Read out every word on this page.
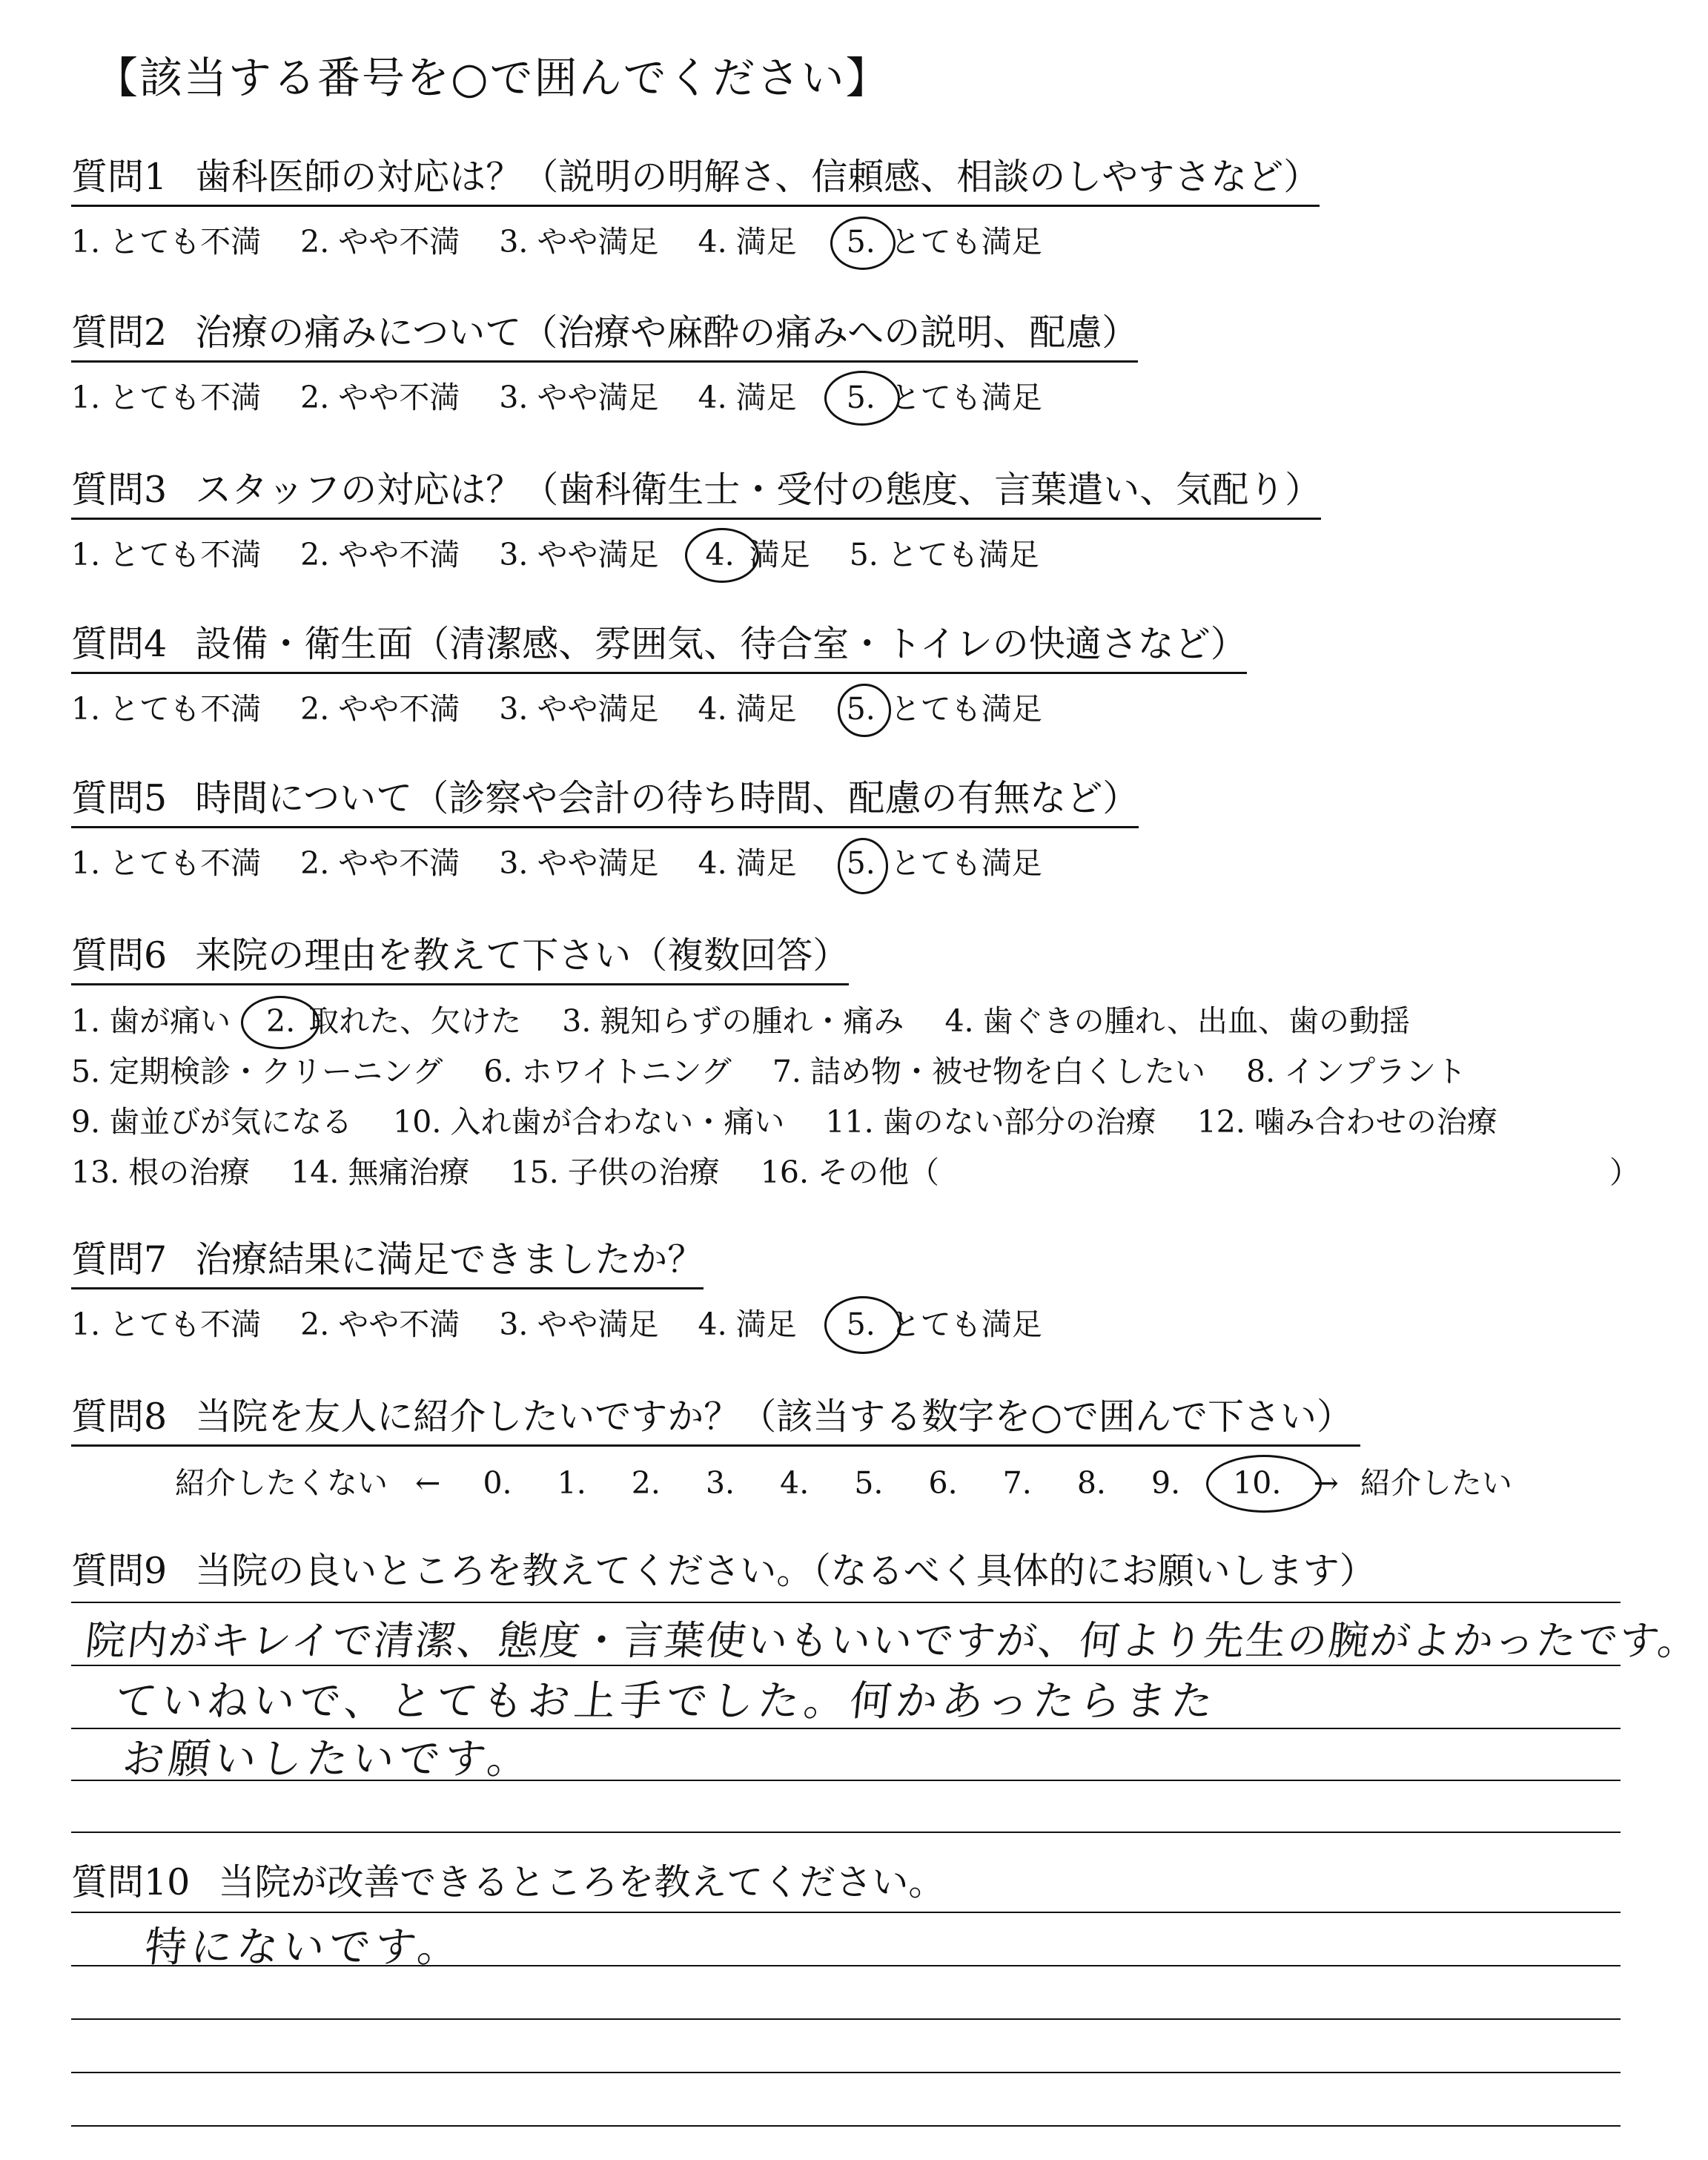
【該当する番号を○で囲んでください】
質問1 歯科医師の対応は？（説明の明解さ、信頼感、相談のしやすさなど）
1. とても不満 2. やや不満 3. やや満足 4. 満足 5. とても満足
質問2 治療の痛みについて（治療や麻酔の痛みへの説明、配慮）
1. とても不満 2. やや不満 3. やや満足 4. 満足 5. とても満足
質問3 スタッフの対応は？（歯科衛生士・受付の態度、言葉遣い、気配り）
1. とても不満 2. やや不満 3. やや満足 4. 満足 5. とても満足
質問4 設備・衛生面（清潔感、雰囲気、待合室・トイレの快適さなど）
1. とても不満 2. やや不満 3. やや満足 4. 満足 5. とても満足
質問5 時間について（診察や会計の待ち時間、配慮の有無など）
1. とても不満 2. やや不満 3. やや満足 4. 満足 5. とても満足
質問6 来院の理由を教えて下さい（複数回答）
1. 歯が痛い 2. 取れた、欠けた 3. 親知らずの腫れ・痛み 4. 歯ぐきの腫れ、出血、歯の動揺
5. 定期検診・クリーニング 6. ホワイトニング 7. 詰め物・被せ物を白くしたい 8. インプラント
9. 歯並びが気になる 10. 入れ歯が合わない・痛い 11. 歯のない部分の治療 12. 噛み合わせの治療
13. 根の治療 14. 無痛治療 15. 子供の治療 16. その他（	）
質問7 治療結果に満足できましたか？
1. とても不満 2. やや不満 3. やや満足 4. 満足 5. とても満足
質問8 当院を友人に紹介したいですか？（該当する数字を○で囲んで下さい）
紹介したくない ← 0. 1. 2. 3. 4. 5. 6. 7. 8. 9. 10. → 紹介したい
質問9 当院の良いところを教えてください。（なるべく具体的にお願いします）
院内がキレイで清潔、態度・言葉使いもいいですが、何より先生の腕がよかったです。
ていねいで、とてもお上手でした。何かあったらまた
お願いしたいです。
質問10 当院が改善できるところを教えてください。
特にないです。
